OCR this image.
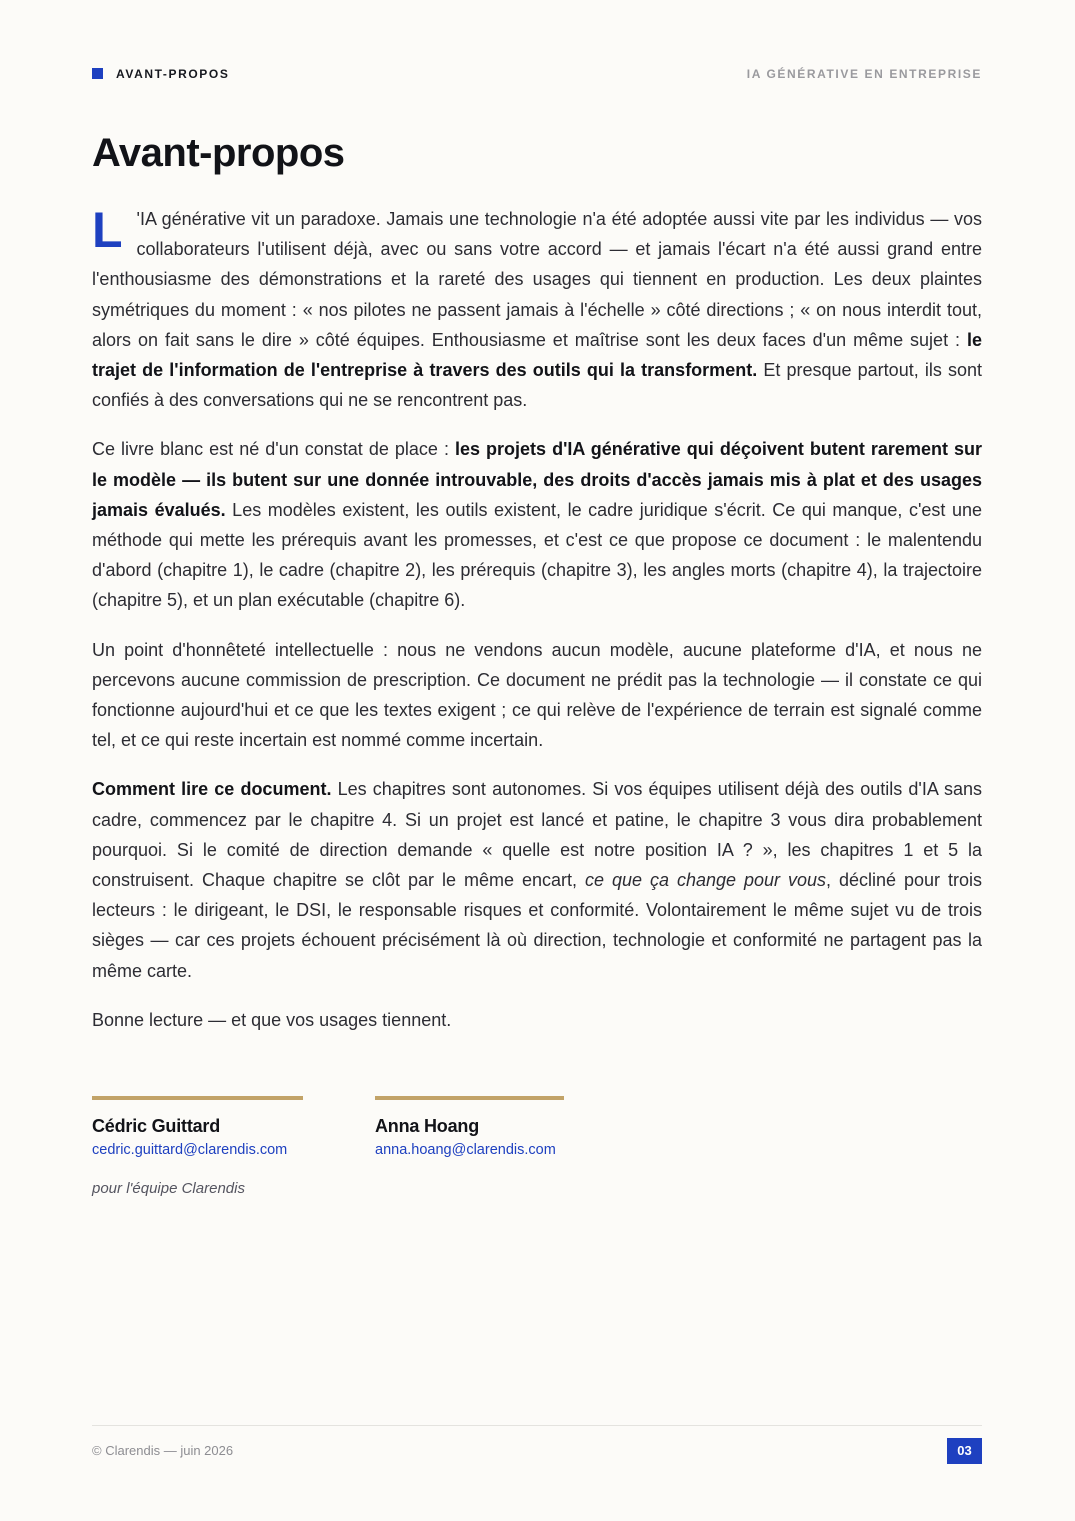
AVANT-PROPOS	IA GÉNÉRATIVE EN ENTREPRISE
Avant-propos

L 'IA générative vit un paradoxe. Jamais une technologie n'a été adoptée aussi vite par les individus — vos collaborateurs l'utilisent déjà, avec ou sans votre accord — et jamais l'écart n'a été aussi grand entre l'enthousiasme des démonstrations et la rareté des usages qui tiennent en production. Les deux plaintes symétriques du moment : « nos pilotes ne passent jamais à l'échelle » côté directions ; « on nous interdit tout, alors on fait sans le dire » côté équipes. Enthousiasme et maîtrise sont les deux faces d'un même sujet : le trajet de l'information de l'entreprise à travers des outils qui la transforment. Et presque partout, ils sont confiés à des conversations qui ne se rencontrent pas.

Ce livre blanc est né d'un constat de place : les projets d'IA générative qui déçoivent butent rarement sur le modèle — ils butent sur une donnée introuvable, des droits d'accès jamais mis à plat et des usages jamais évalués. Les modèles existent, les outils existent, le cadre juridique s'écrit. Ce qui manque, c'est une méthode qui mette les prérequis avant les promesses, et c'est ce que propose ce document : le malentendu d'abord (chapitre 1), le cadre (chapitre 2), les prérequis (chapitre 3), les angles morts (chapitre 4), la trajectoire (chapitre 5), et un plan exécutable (chapitre 6).

Un point d'honnêteté intellectuelle : nous ne vendons aucun modèle, aucune plateforme d'IA, et nous ne percevons aucune commission de prescription. Ce document ne prédit pas la technologie — il constate ce qui fonctionne aujourd'hui et ce que les textes exigent ; ce qui relève de l'expérience de terrain est signalé comme tel, et ce qui reste incertain est nommé comme incertain.

Comment lire ce document. Les chapitres sont autonomes. Si vos équipes utilisent déjà des outils d'IA sans cadre, commencez par le chapitre 4. Si un projet est lancé et patine, le chapitre 3 vous dira probablement pourquoi. Si le comité de direction demande « quelle est notre position IA ? », les chapitres 1 et 5 la construisent. Chaque chapitre se clôt par le même encart, ce que ça change pour vous, décliné pour trois lecteurs : le dirigeant, le DSI, le responsable risques et conformité. Volontairement le même sujet vu de trois sièges — car ces projets échouent précisément là où direction, technologie et conformité ne partagent pas la même carte.

Bonne lecture — et que vos usages tiennent.

Cédric Guittard
cedric.guittard@clarendis.com
Anna Hoang
anna.hoang@clarendis.com
pour l'équipe Clarendis
© Clarendis — juin 2026	03
